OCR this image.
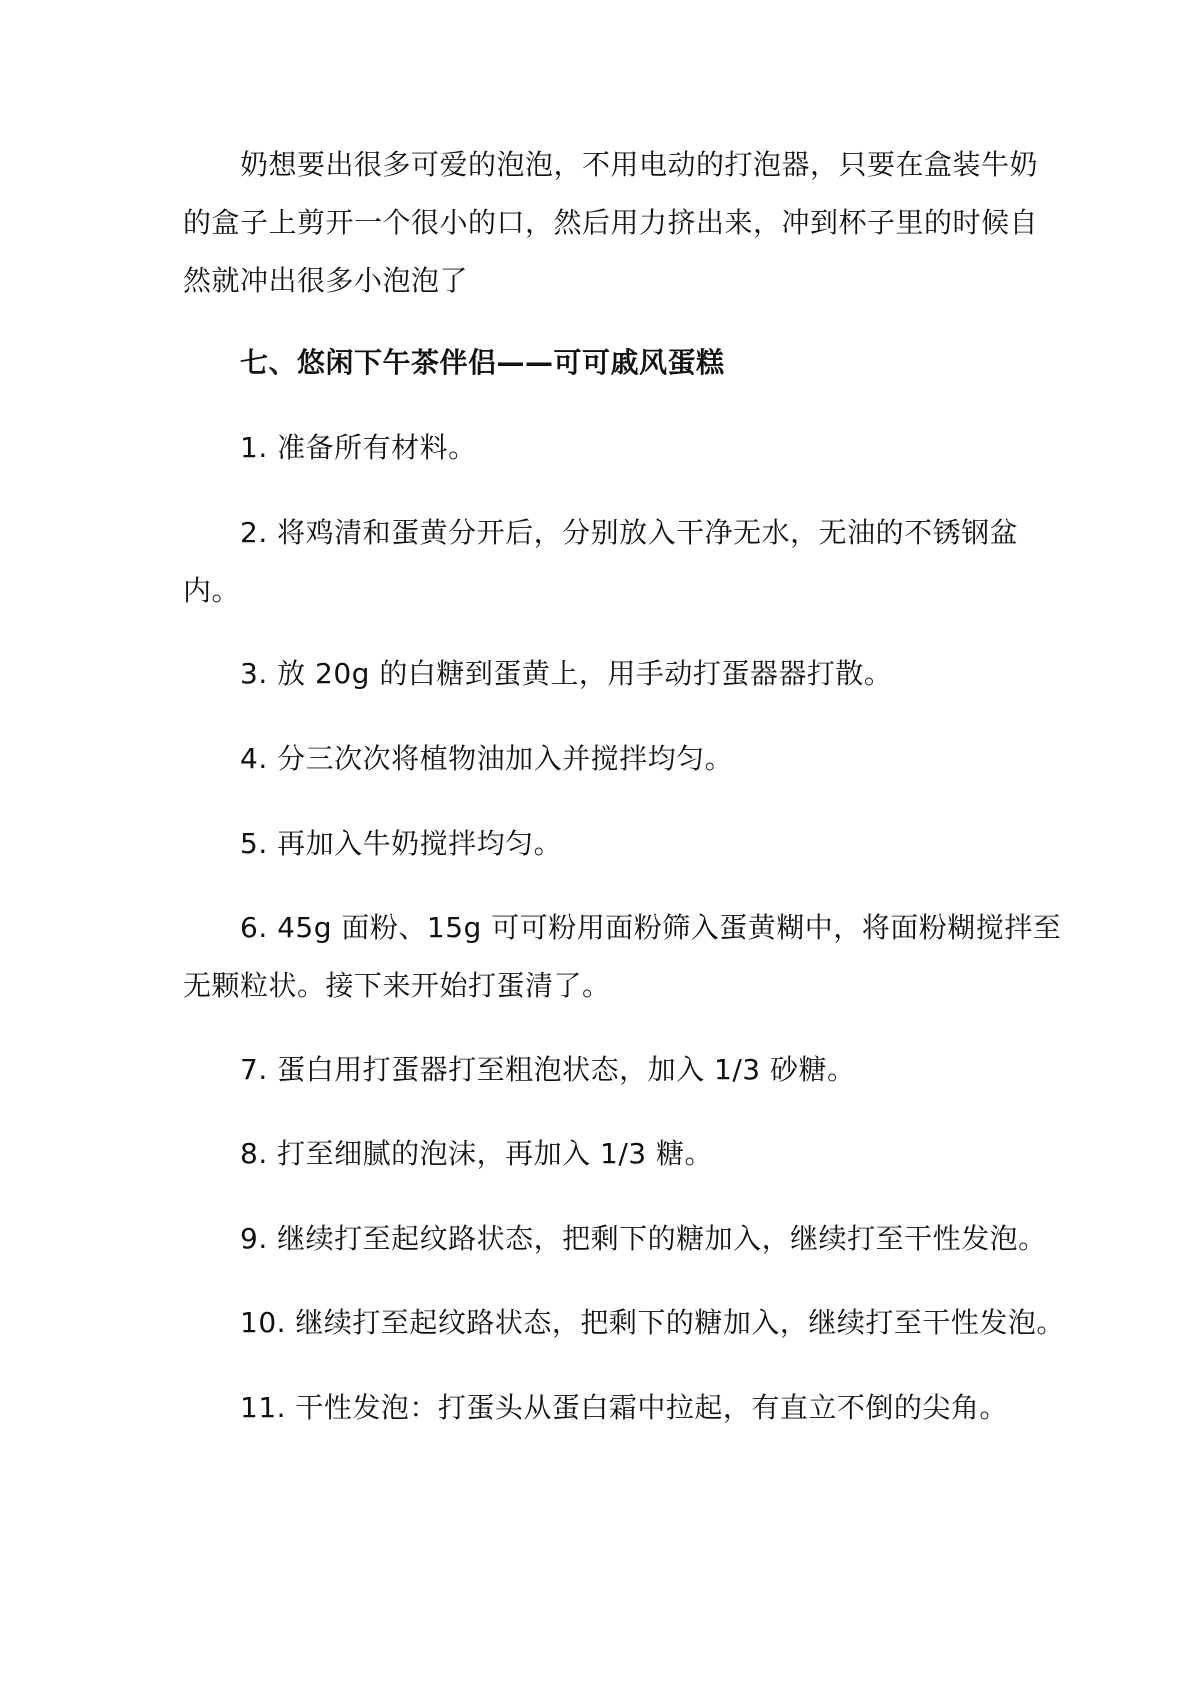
奶想要出很多可爱的泡泡，不用电动的打泡器，只要在盒装牛奶
的盒子上剪开一个很小的口，然后用力挤出来，冲到杯子里的时候自
然就冲出很多小泡泡了
七、悠闲下午茶伴侣——可可戚风蛋糕
1. 准备所有材料。
2. 将鸡清和蛋黄分开后，分别放入干净无水，无油的不锈钢盆
内。
3. 放 20g 的白糖到蛋黄上，用手动打蛋器器打散。
4. 分三次次将植物油加入并搅拌均匀。
5. 再加入牛奶搅拌均匀。
6. 45g 面粉、15g 可可粉用面粉筛入蛋黄糊中，将面粉糊搅拌至
无颗粒状。接下来开始打蛋清了。
7. 蛋白用打蛋器打至粗泡状态，加入 1/3 砂糖。
8. 打至细腻的泡沫，再加入 1/3 糖。
9. 继续打至起纹路状态，把剩下的糖加入，继续打至干性发泡。
10. 继续打至起纹路状态，把剩下的糖加入，继续打至干性发泡。
11. 干性发泡：打蛋头从蛋白霜中拉起，有直立不倒的尖角。
